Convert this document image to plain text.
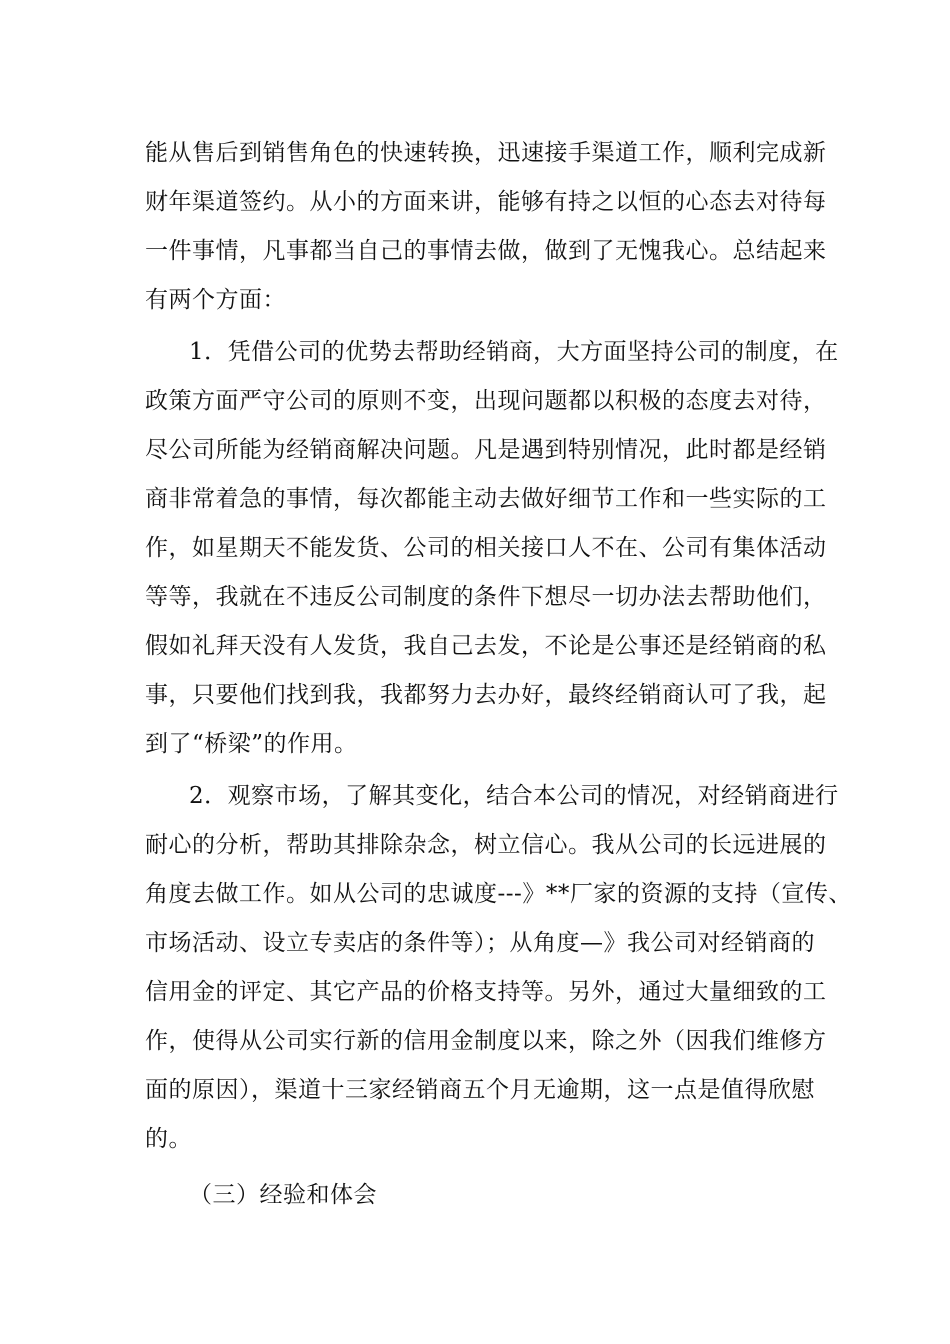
能从售后到销售角色的快速转换，迅速接手渠道工作，顺利完成新
财年渠道签约。从小的方面来讲，能够有持之以恒的心态去对待每
一件事情，凡事都当自己的事情去做，做到了无愧我心。总结起来
有两个方面：
1．凭借公司的优势去帮助经销商，大方面坚持公司的制度，在
政策方面严守公司的原则不变，出现问题都以积极的态度去对待，
尽公司所能为经销商解决问题。凡是遇到特别情况，此时都是经销
商非常着急的事情，每次都能主动去做好细节工作和一些实际的工
作，如星期天不能发货、公司的相关接口人不在、公司有集体活动
等等，我就在不违反公司制度的条件下想尽一切办法去帮助他们，
假如礼拜天没有人发货，我自己去发，不论是公事还是经销商的私
事，只要他们找到我，我都努力去办好，最终经销商认可了我，起
到了“桥梁”的作用。
2．观察市场，了解其变化，结合本公司的情况，对经销商进行
耐心的分析，帮助其排除杂念，树立信心。我从公司的长远进展的
角度去做工作。如从公司的忠诚度---》**厂家的资源的支持（宣传、
市场活动、设立专卖店的条件等）；从角度—》我公司对经销商的
信用金的评定、其它产品的价格支持等。另外，通过大量细致的工
作，使得从公司实行新的信用金制度以来，除之外（因我们维修方
面的原因），渠道十三家经销商五个月无逾期，这一点是值得欣慰
的。
（三）经验和体会
